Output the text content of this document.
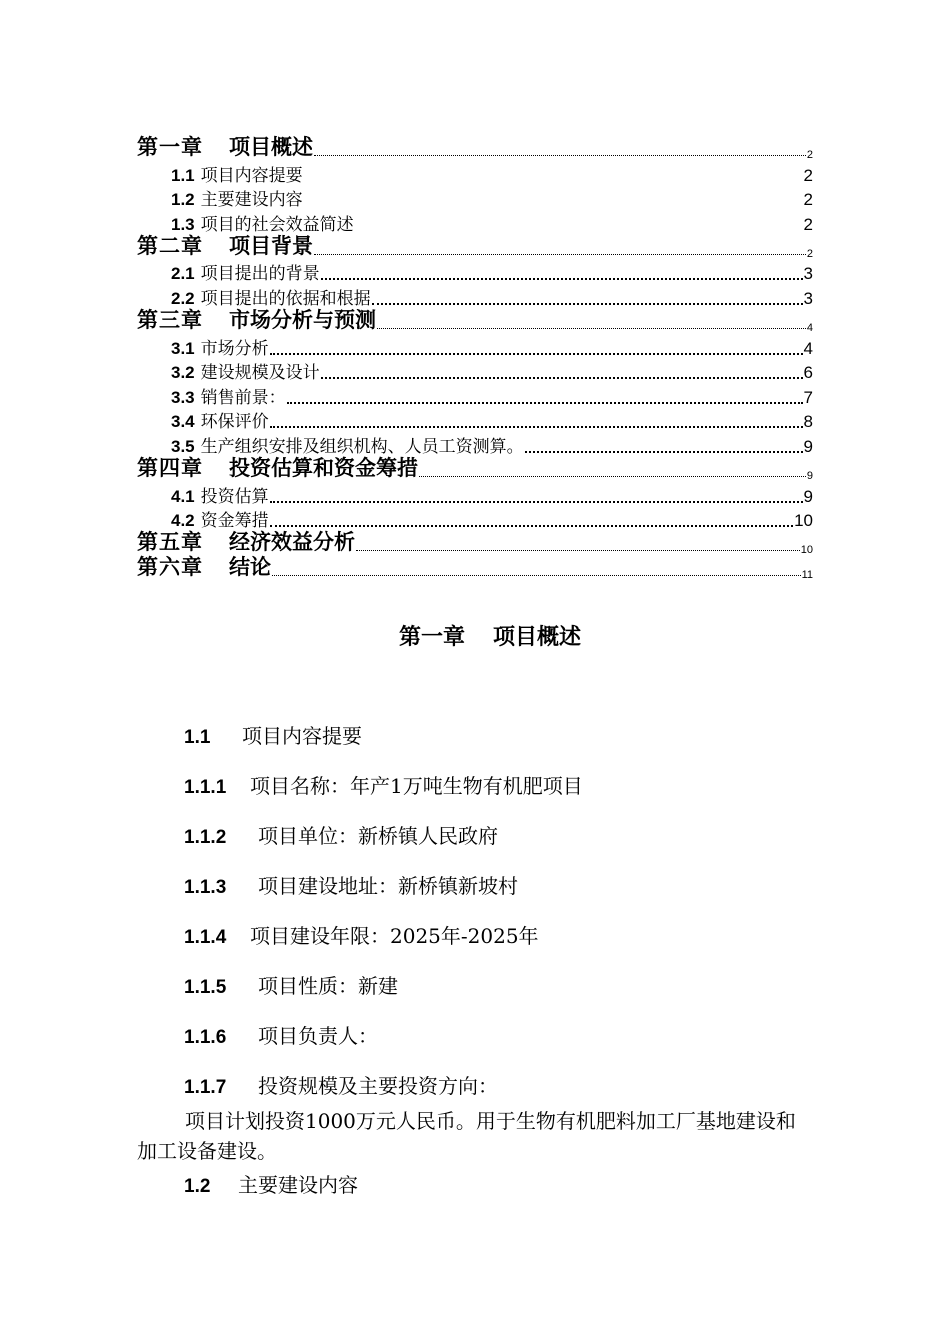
第一章 项目概述	2
1.1 项目内容提要	2
1.2 主要建设内容	2
1.3 项目的社会效益简述	2
第二章 项目背景	2
2.1 项目提出的背景	3
2.2 项目提出的依据和根据	3
第三章 市场分析与预测	4
3.1 市场分析	4
3.2 建设规模及设计	6
3.3 销售前景：	7
3.4 环保评价	8
3.5 生产组织安排及组织机构、人员工资测算。	9
第四章 投资估算和资金筹措	9
4.1 投资估算	9
4.2 资金筹措	10
第五章 经济效益分析	10
第六章 结论	11
第一章 项目概述
1.1 项目内容提要
1.1.1 项目名称：年产1万吨生物有机肥项目
1.1.2 项目单位：新桥镇人民政府
1.1.3 项目建设地址：新桥镇新坡村
1.1.4 项目建设年限：2025年-2025年
1.1.5 项目性质：新建
1.1.6 项目负责人：
1.1.7 投资规模及主要投资方向：
项目计划投资1000万元人民币。用于生物有机肥料加工厂基地建设和加工设备建设。
1.2 主要建设内容
